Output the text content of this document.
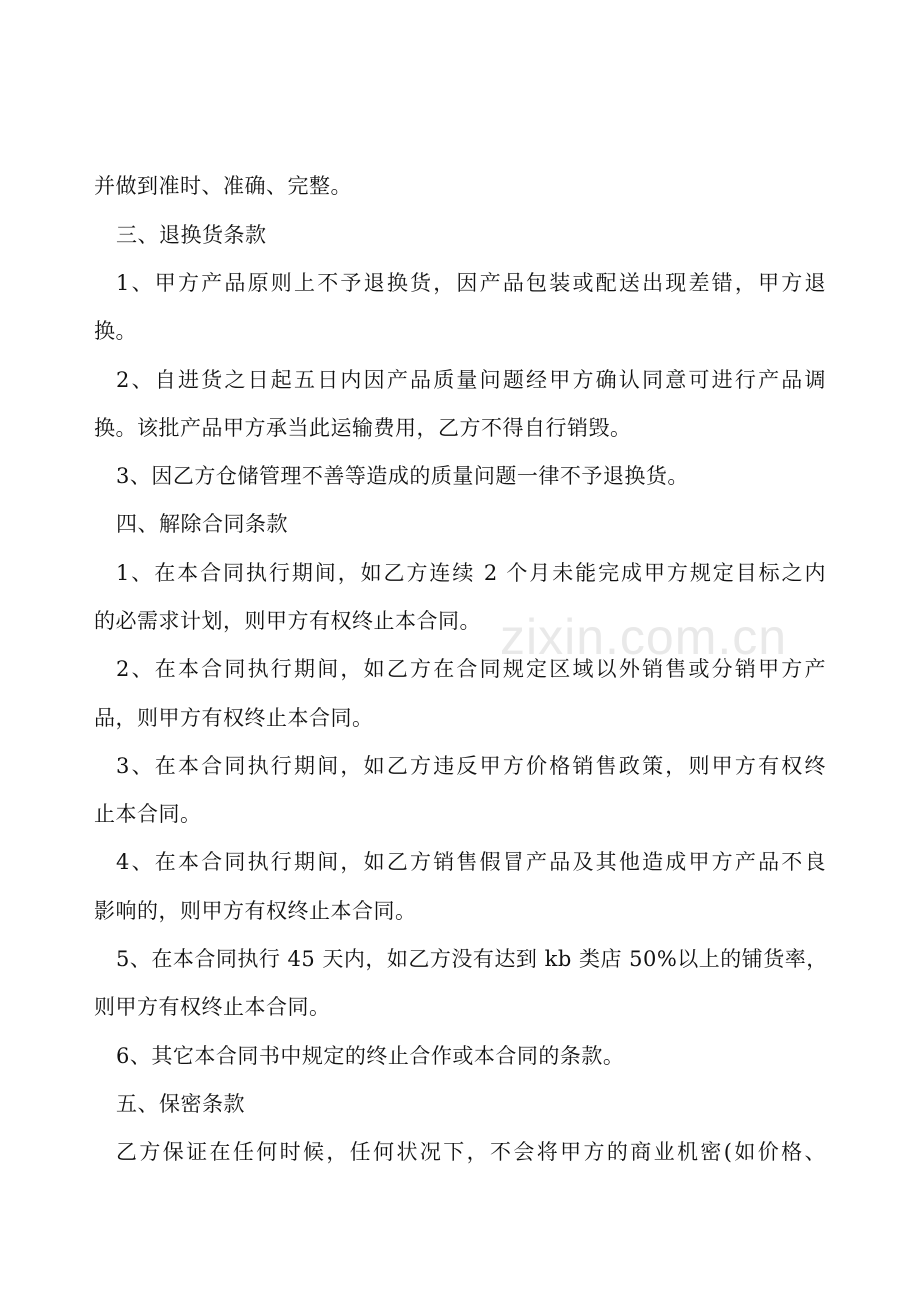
并做到准时、准确、完整。
三、退换货条款
1、甲方产品原则上不予退换货，因产品包装或配送出现差错，甲方退
换。
2、自进货之日起五日内因产品质量问题经甲方确认同意可进行产品调
换。该批产品甲方承当此运输费用，乙方不得自行销毁。
3、因乙方仓储管理不善等造成的质量问题一律不予退换货。
四、解除合同条款
1、在本合同执行期间，如乙方连续 2 个月未能完成甲方规定目标之内
的必需求计划，则甲方有权终止本合同。
2、在本合同执行期间，如乙方在合同规定区域以外销售或分销甲方产
品，则甲方有权终止本合同。
3、在本合同执行期间，如乙方违反甲方价格销售政策，则甲方有权终
止本合同。
4、在本合同执行期间，如乙方销售假冒产品及其他造成甲方产品不良
影响的，则甲方有权终止本合同。
5、在本合同执行 45 天内，如乙方没有达到 kb 类店 50%以上的铺货率，
则甲方有权终止本合同。
6、其它本合同书中规定的终止合作或本合同的条款。
五、保密条款
乙方保证在任何时候，任何状况下，不会将甲方的商业机密(如价格、
zixin.com.cn
